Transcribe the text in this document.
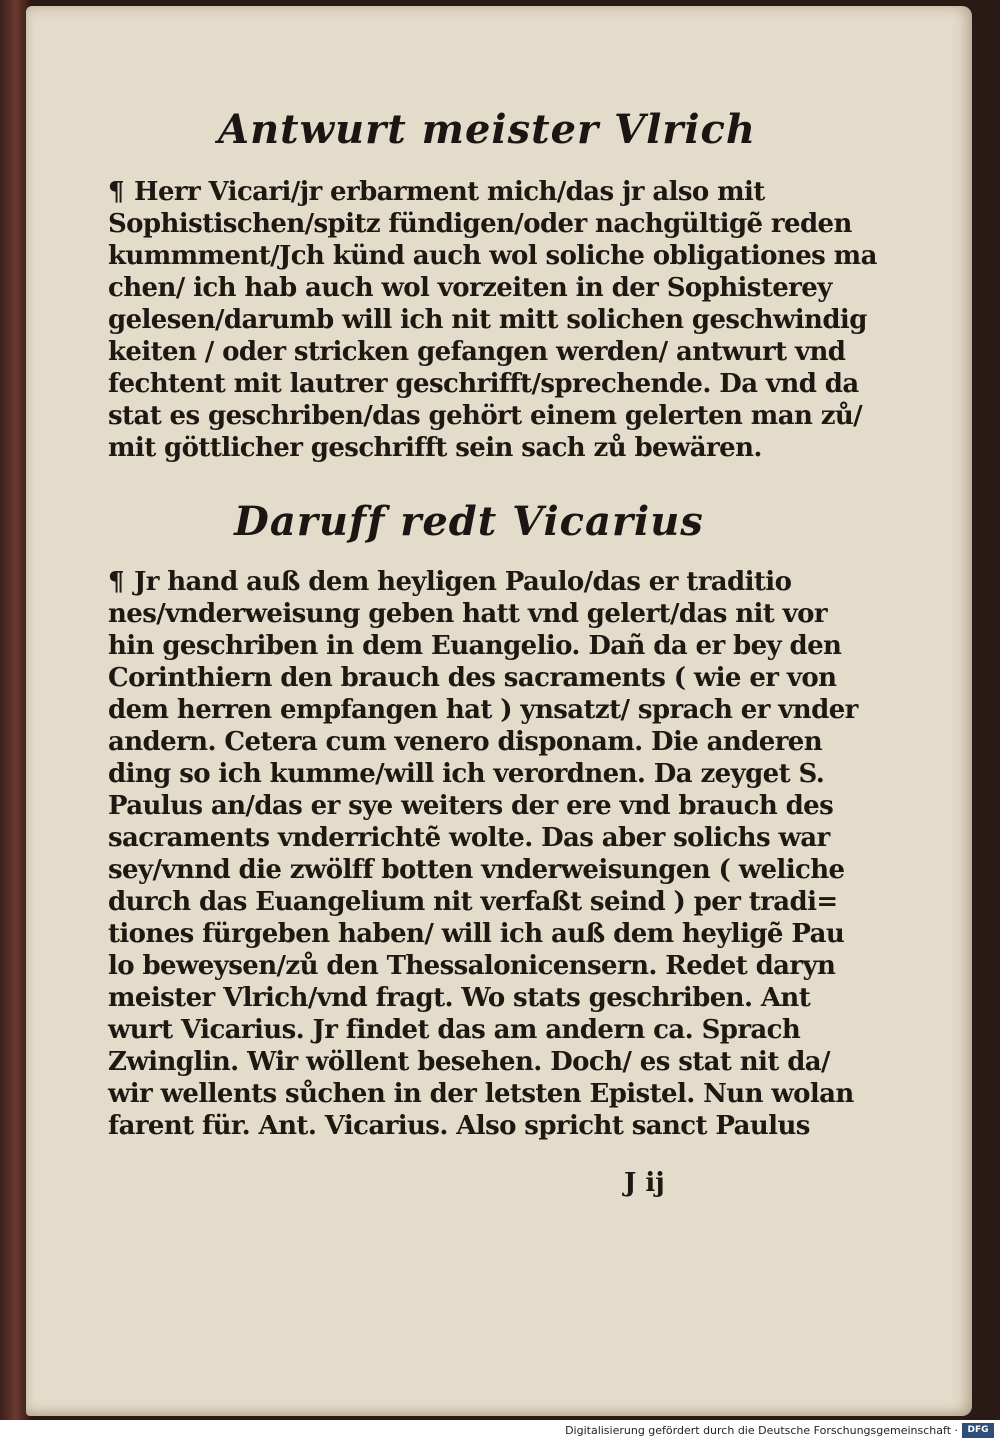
Antwurt meister Vlrich
¶ Herr Vicari/jr erbarment mich/das jr also mit
Sophistischen/spitz fündigen/oder nachgültigẽ reden
kummment/Jch künd auch wol soliche obligationes ma
chen/ ich hab auch wol vorzeiten in der Sophisterey
gelesen/darumb will ich nit mitt solichen geschwindig
keiten / oder stricken gefangen werden/ antwurt vnd
fechtent mit lautrer geschrifft/sprechende. Da vnd da
stat es geschriben/das gehört einem gelerten man zů/
mit göttlicher geschrifft sein sach zů bewären.
Daruff redt Vicarius
¶ Jr hand auß dem heyligen Paulo/das er traditio
nes/vnderweisung geben hatt vnd gelert/das nit vor
hin geschriben in dem Euangelio. Dañ da er bey den
Corinthiern den brauch des sacraments ( wie er von
dem herren empfangen hat ) ynsatzt/ sprach er vnder
andern. Cetera cum venero disponam. Die anderen
ding so ich kumme/will ich verordnen. Da zeyget S.
Paulus an/das er sye weiters der ere vnd brauch des
sacraments vnderrichtẽ wolte. Das aber solichs war
sey/vnnd die zwölff botten vnderweisungen ( weliche
durch das Euangelium nit verfaßt seind ) per tradi=
tiones fürgeben haben/ will ich auß dem heyligẽ Pau
lo beweysen/zů den Thessalonicensern. Redet daryn
meister Vlrich/vnd fragt. Wo stats geschriben. Ant
wurt Vicarius. Jr findet das am andern ca. Sprach
Zwinglin. Wir wöllent besehen. Doch/ es stat nit da/
wir wellents sůchen in der letsten Epistel. Nun wolan
farent für. Ant. Vicarius. Also spricht sanct Paulus
J ij
Digitalisierung gefördert durch die Deutsche Forschungsgemeinschaft ·	DFG
